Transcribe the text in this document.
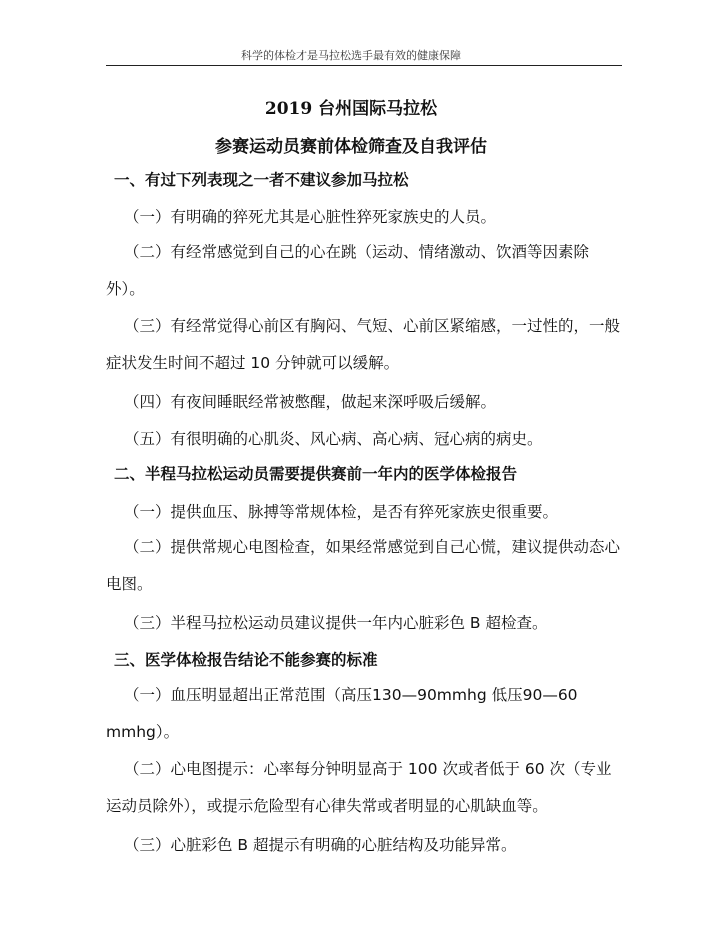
科学的体检才是马拉松选手最有效的健康保障
2019 台州国际马拉松
参赛运动员赛前体检筛查及自我评估
一、有过下列表现之一者不建议参加马拉松
（一）有明确的猝死尤其是心脏性猝死家族史的人员。
（二）有经常感觉到自己的心在跳（运动、情绪激动、饮酒等因素除外）。
（三）有经常觉得心前区有胸闷、气短、心前区紧缩感，一过性的，一般症状发生时间不超过 10 分钟就可以缓解。
（四）有夜间睡眠经常被憋醒，做起来深呼吸后缓解。
（五）有很明确的心肌炎、风心病、高心病、冠心病的病史。
二、半程马拉松运动员需要提供赛前一年内的医学体检报告
（一）提供血压、脉搏等常规体检，是否有猝死家族史很重要。
（二）提供常规心电图检查，如果经常感觉到自己心慌，建议提供动态心电图。
（三）半程马拉松运动员建议提供一年内心脏彩色 B 超检查。
三、医学体检报告结论不能参赛的标准
（一）血压明显超出正常范围（高压130—90mmhg 低压90—60 mmhg）。
（二）心电图提示：心率每分钟明显高于 100 次或者低于 60 次（专业运动员除外），或提示危险型有心律失常或者明显的心肌缺血等。
（三）心脏彩色 B 超提示有明确的心脏结构及功能异常。
